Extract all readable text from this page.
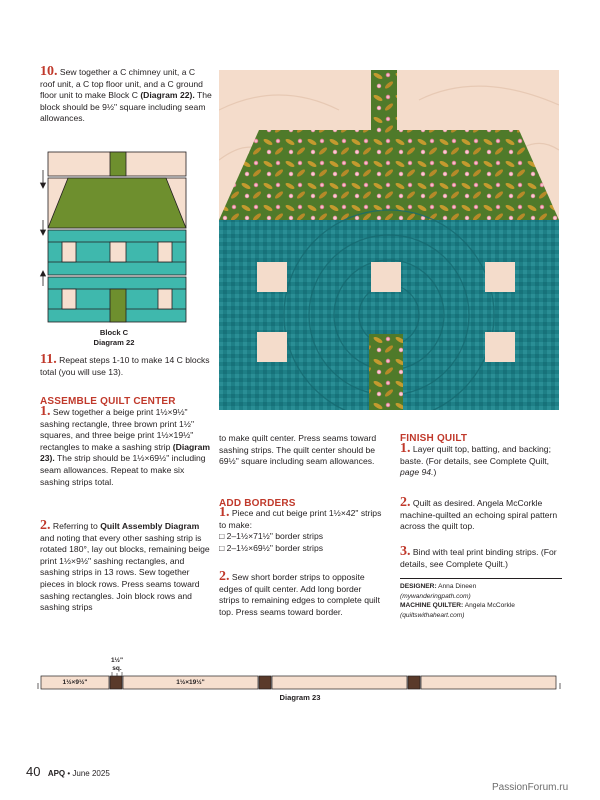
10. Sew together a C chimney unit, a C roof unit, a C top floor unit, and a C ground floor unit to make Block C (Diagram 22). The block should be 9½" square including seam allowances.
Block C
Diagram 22
11. Repeat steps 1-10 to make 14 C blocks total (you will use 13).
ASSEMBLE QUILT CENTER
1. Sew together a beige print 1½×9½" sashing rectangle, three brown print 1½" squares, and three beige print 1½×19½" rectangles to make a sashing strip (Diagram 23). The strip should be 1½×69½" including seam allowances. Repeat to make six sashing strips total.
2. Referring to Quilt Assembly Diagram and noting that every other sashing strip is rotated 180°, lay out blocks, remaining beige print 1½×9½" sashing rectangles, and sashing strips in 13 rows. Sew together pieces in block rows. Press seams toward sashing rectangles. Join block rows and sashing strips
to make quilt center. Press seams toward sashing strips. The quilt center should be 69½" square including seam allowances.
ADD BORDERS
1. Piece and cut beige print 1½×42" strips to make:
□ 2–1½×71½" border strips
□ 2–1½×69½" border strips
2. Sew short border strips to opposite edges of quilt center. Add long border strips to remaining edges to complete quilt top. Press seams toward border.
FINISH QUILT
1. Layer quilt top, batting, and backing; baste. (For details, see Complete Quilt, page 94.)
2. Quilt as desired. Angela McCorkle machine-quilted an echoing spiral pattern across the quilt top.
3. Bind with teal print binding strips. (For details, see Complete Quilt.)
DESIGNER: Anna Dineen
(mywanderingpath.com)
MACHINE QUILTER: Angela McCorkle
(quiltswithaheart.com)
1½"
sq.
1½×9½"	1½×19½"
Diagram 23
40 APQ • June 2025
PassionForum.ru
